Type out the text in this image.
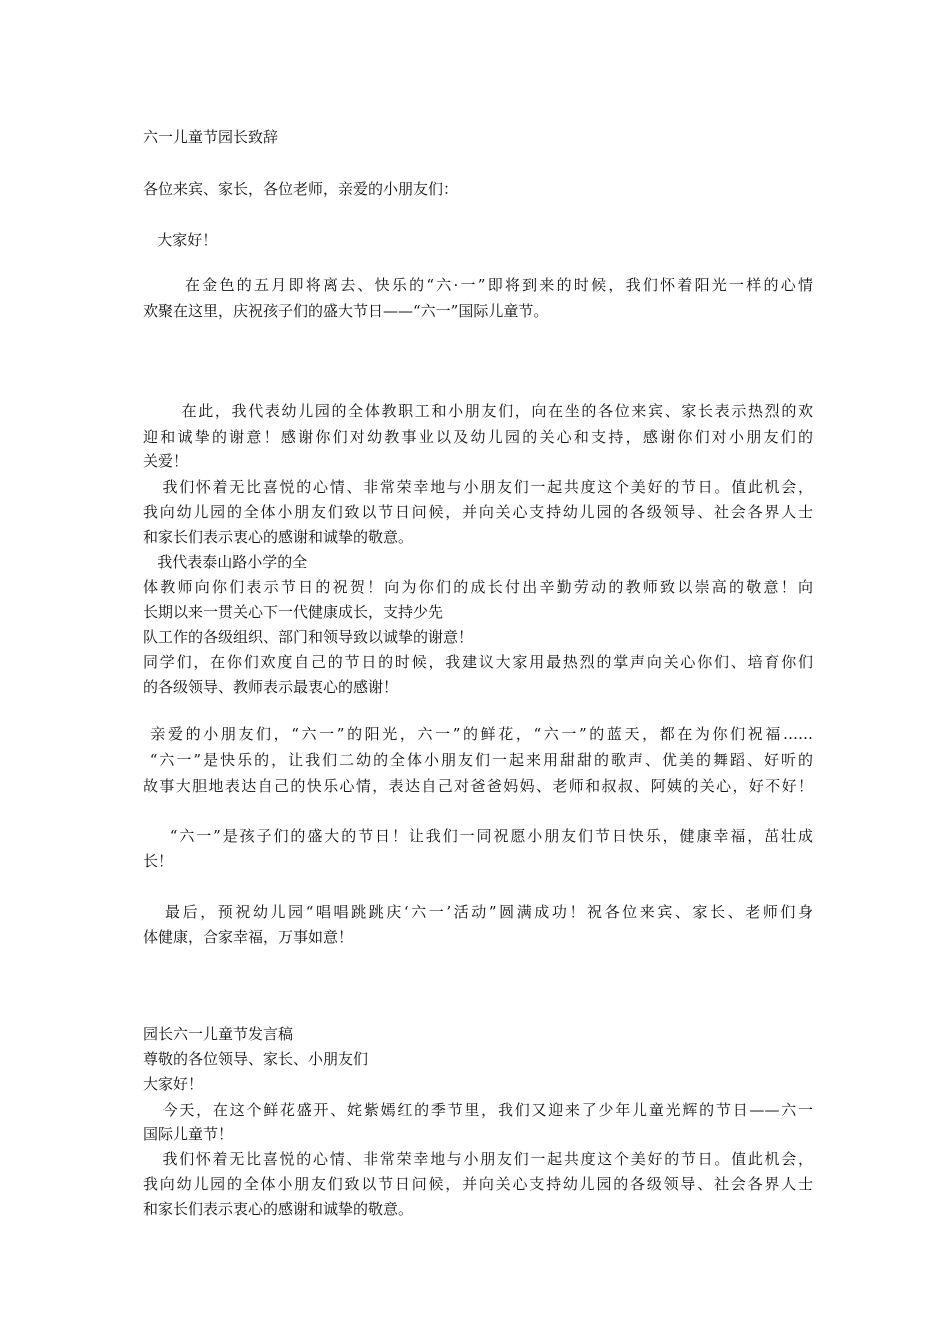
六一儿童节园长致辞
各位来宾、家长，各位老师，亲爱的小朋友们：
大家好！
在金色的五月即将离去、快乐的“六·一”即将到来的时候，我们怀着阳光一样的心情
欢聚在这里，庆祝孩子们的盛大节日——“六一”国际儿童节。
在此，我代表幼儿园的全体教职工和小朋友们，向在坐的各位来宾、家长表示热烈的欢
迎和诚挚的谢意！感谢你们对幼教事业以及幼儿园的关心和支持，感谢你们对小朋友们的
关爱！
我们怀着无比喜悦的心情、非常荣幸地与小朋友们一起共度这个美好的节日。值此机会，
我向幼儿园的全体小朋友们致以节日问候，并向关心支持幼儿园的各级领导、社会各界人士
和家长们表示衷心的感谢和诚挚的敬意。
我代表泰山路小学的全
体教师向你们表示节日的祝贺！向为你们的成长付出辛勤劳动的教师致以崇高的敬意！向
长期以来一贯关心下一代健康成长，支持少先
队工作的各级组织、部门和领导致以诚挚的谢意！
同学们，在你们欢度自己的节日的时候，我建议大家用最热烈的掌声向关心你们、培育你们
的各级领导、教师表示最衷心的感谢！
亲爱的小朋友们，“六一”的阳光，六一”的鲜花，“六一”的蓝天，都在为你们祝福……
“六一”是快乐的，让我们二幼的全体小朋友们一起来用甜甜的歌声、优美的舞蹈、好听的
故事大胆地表达自己的快乐心情，表达自己对爸爸妈妈、老师和叔叔、阿姨的关心，好不好！
“六一”是孩子们的盛大的节日！让我们一同祝愿小朋友们节日快乐，健康幸福，茁壮成
长！
最后，预祝幼儿园“唱唱跳跳庆‘六一’活动”圆满成功！祝各位来宾、家长、老师们身
体健康，合家幸福，万事如意！
园长六一儿童节发言稿
尊敬的各位领导、家长、小朋友们
大家好！
今天，在这个鲜花盛开、姹紫嫣红的季节里，我们又迎来了少年儿童光辉的节日——六一
国际儿童节！
我们怀着无比喜悦的心情、非常荣幸地与小朋友们一起共度这个美好的节日。值此机会，
我向幼儿园的全体小朋友们致以节日问候，并向关心支持幼儿园的各级领导、社会各界人士
和家长们表示衷心的感谢和诚挚的敬意。
